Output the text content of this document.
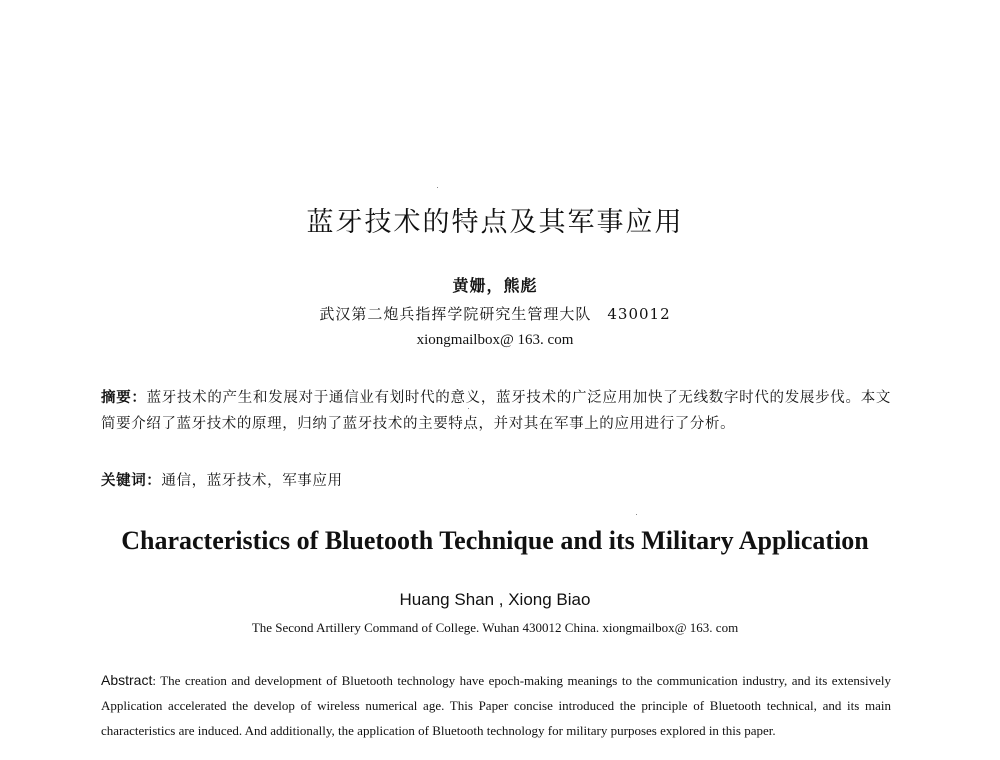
蓝牙技术的特点及其军事应用
黄姗，熊彪
武汉第二炮兵指挥学院研究生管理大队　430012
xiongmailbox@ 163. com
摘要：蓝牙技术的产生和发展对于通信业有划时代的意义，蓝牙技术的广泛应用加快了无线数字时代的发展步伐。本文简要介绍了蓝牙技术的原理，归纳了蓝牙技术的主要特点，并对其在军事上的应用进行了分析。
关键词：通信，蓝牙技术，军事应用
Characteristics of Bluetooth Technique and its Military Application
Huang Shan , Xiong Biao
The Second Artillery Command of College. Wuhan 430012 China. xiongmailbox@ 163. com
Abstract: The creation and development of Bluetooth technology have epoch-making meanings to the communication industry, and its extensively Application accelerated the develop of wireless numerical age. This Paper concise introduced the principle of Bluetooth technical, and its main characteristics are induced. And additionally, the application of Bluetooth technology for military purposes explored in this paper.
